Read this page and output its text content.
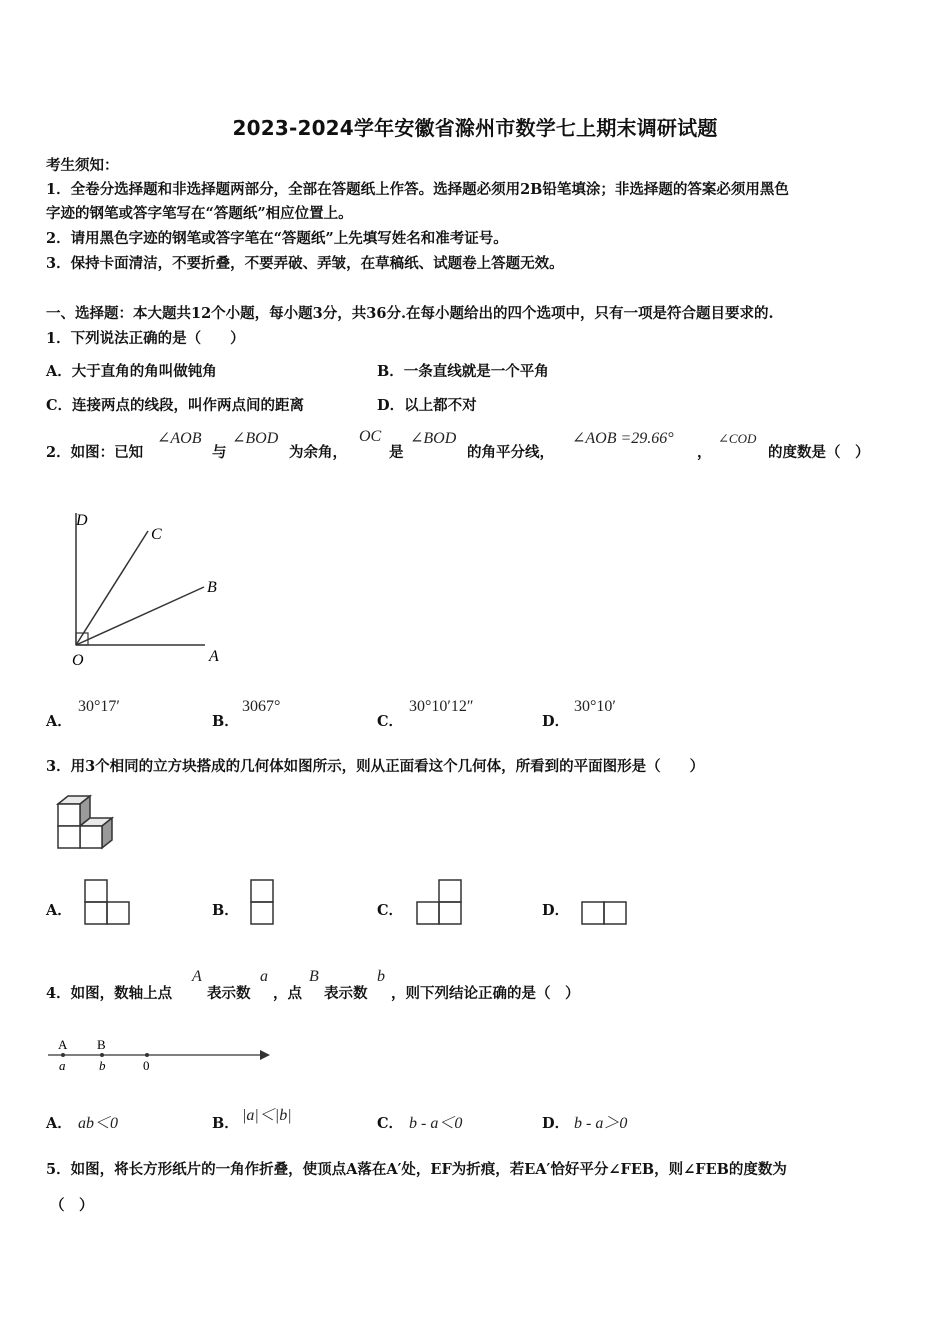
2023-2024学年安徽省滁州市数学七上期末调研试题
考生须知：
1．全卷分选择题和非选择题两部分，全部在答题纸上作答。选择题必须用2B铅笔填涂；非选择题的答案必须用黑色
字迹的钢笔或答字笔写在“答题纸”相应位置上。
2．请用黑色字迹的钢笔或答字笔在“答题纸”上先填写姓名和准考证号。
3．保持卡面清洁，不要折叠，不要弄破、弄皱，在草稿纸、试题卷上答题无效。
一、选择题：本大题共12个小题，每小题3分，共36分.在每小题给出的四个选项中，只有一项是符合题目要求的.
1．下列说法正确的是（　　）
A．大于直角的角叫做钝角	B．一条直线就是一个平角
C．连接两点的线段，叫作两点间的距离	D．以上都不对
2．如图：已知
∠AOB
与
∠BOD
为余角，
OC
是
∠BOD
的角平分线，
∠AOB =29.66°
，
∠COD
的度数是（　）
D
C
B
O	A
A．
30°17′
B．
3067°
C．
30°10′12″
D．
30°10′
3．用3个相同的立方块搭成的几何体如图所示，则从正面看这个几何体，所看到的平面图形是（　　）
A．	B．	C．	D．
4．如图，数轴上点
A
表示数
a
，点
B
表示数
b
，则下列结论正确的是（　）
A B
a	b	0
A． ab＜0	B． |a|＜|b|	C． b - a＜0	D． b - a＞0
5．如图，将长方形纸片的一角作折叠，使顶点A落在A′处，EF为折痕，若EA′恰好平分∠FEB，则∠FEB的度数为
（　）
